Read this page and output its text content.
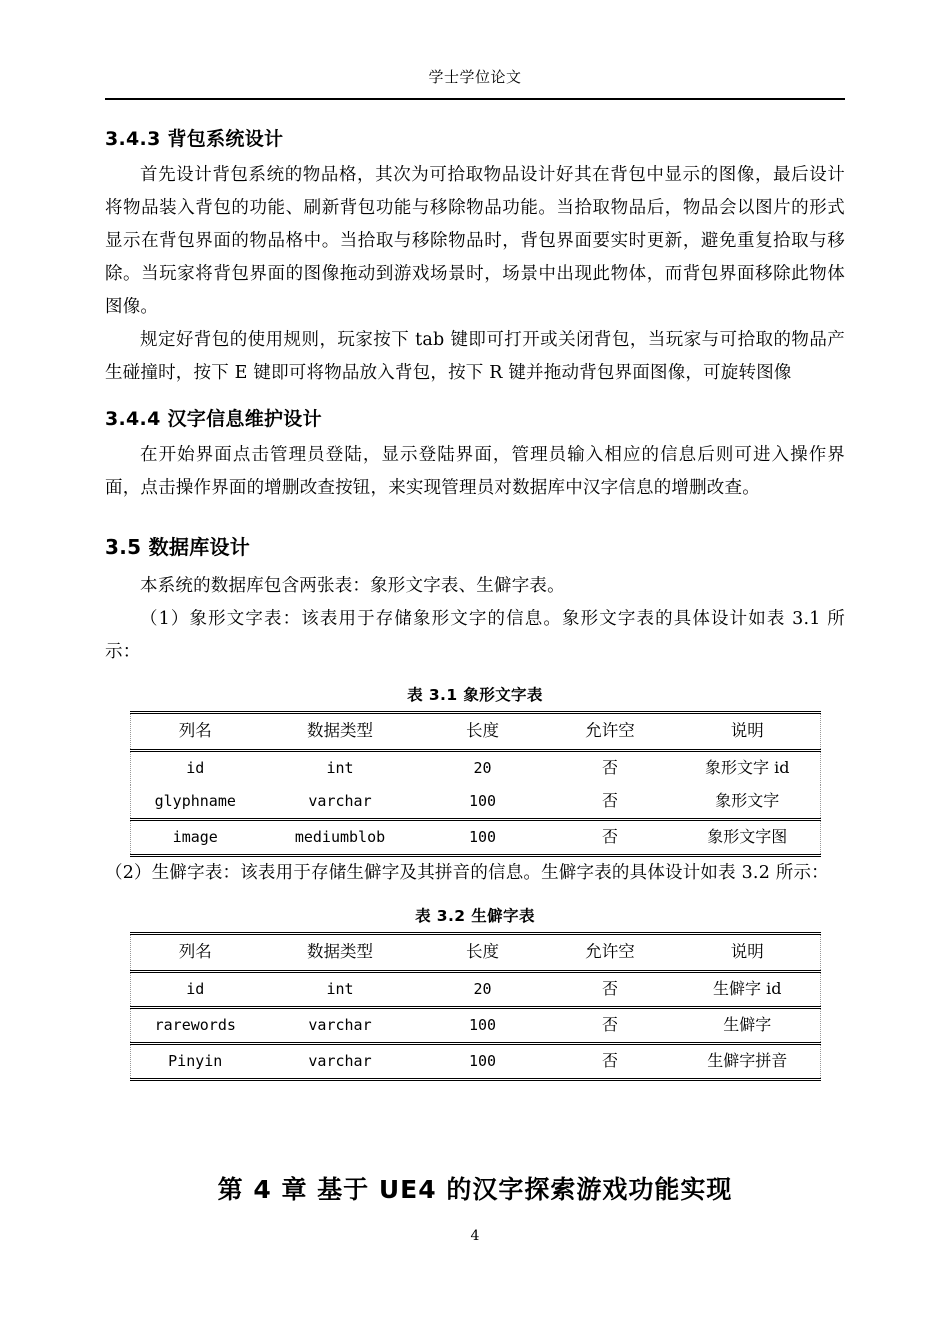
学士学位论文
3.4.3 背包系统设计

首先设计背包系统的物品格，其次为可拾取物品设计好其在背包中显示的图像，最后设计将物品装入背包的功能、刷新背包功能与移除物品功能。当拾取物品后，物品会以图片的形式显示在背包界面的物品格中。当拾取与移除物品时，背包界面要实时更新，避免重复拾取与移除。当玩家将背包界面的图像拖动到游戏场景时，场景中出现此物体，而背包界面移除此物体图像。

规定好背包的使用规则，玩家按下 tab 键即可打开或关闭背包，当玩家与可拾取的物品产生碰撞时，按下 E 键即可将物品放入背包，按下 R 键并拖动背包界面图像，可旋转图像

3.4.4 汉字信息维护设计

在开始界面点击管理员登陆，显示登陆界面，管理员输入相应的信息后则可进入操作界面，点击操作界面的增删改查按钮，来实现管理员对数据库中汉字信息的增删改查。

3.5 数据库设计

本系统的数据库包含两张表：象形文字表、生僻字表。

（1）象形文字表：该表用于存储象形文字的信息。象形文字表的具体设计如表 3.1 所示：

表 3.1 象形文字表
列名	数据类型	长度	允许空	说明
id	int	20	否	象形文字 id
glyphname	varchar	100	否	象形文字
image	mediumblob	100	否	象形文字图

（2）生僻字表：该表用于存储生僻字及其拼音的信息。生僻字表的具体设计如表 3.2 所示：

表 3.2 生僻字表
列名	数据类型	长度	允许空	说明
id	int	20	否	生僻字 id
rarewords	varchar	100	否	生僻字
Pinyin	varchar	100	否	生僻字拼音
第 4 章 基于 UE4 的汉字探索游戏功能实现
4
